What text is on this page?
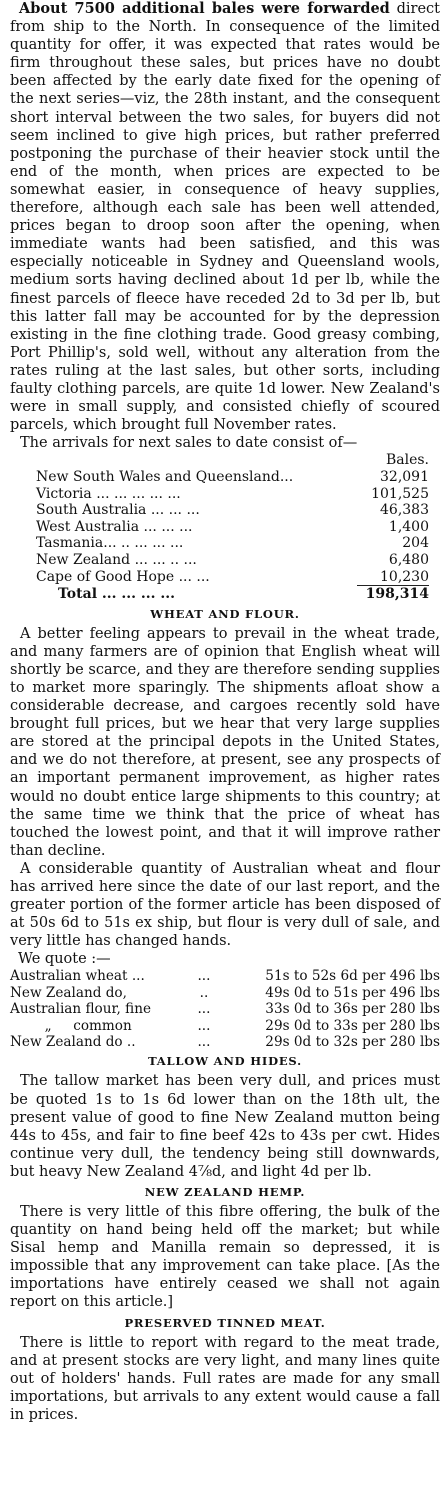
About 7500 additional bales were forwarded direct from ship to the North. In consequence of the limited quantity for offer, it was expected that rates would be firm throughout these sales, but prices have no doubt been affected by the early date fixed for the opening of the next series—viz, the 28th instant, and the consequent short interval between the two sales, for buyers did not seem inclined to give high prices, but rather preferred postponing the purchase of their heavier stock until the end of the month, when prices are expected to be somewhat easier, in consequence of heavy supplies, therefore, although each sale has been well attended, prices began to droop soon after the opening, when immediate wants had been satisfied, and this was especially noticeable in Sydney and Queensland wools, medium sorts having declined about 1d per lb, while the finest parcels of fleece have receded 2d to 3d per lb, but this latter fall may be accounted for by the depression existing in the fine clothing trade. Good greasy combing, Port Phillip's, sold well, without any alteration from the rates ruling at the last sales, but other sorts, including faulty clothing parcels, are quite 1d lower. New Zealand's were in small supply, and consisted chiefly of scoured parcels, which brought full November rates.

The arrivals for next sales to date consist of—

	Bales.
New South Wales and Queensland...	32,091
Victoria ... ... ... ... ...	101,525
South Australia ... ... ...	46,383
West Australia ... ... ...	1,400
Tasmania... .. ... ... ...	204
New Zealand ... ... .. ...	6,480
Cape of Good Hope ... ...	10,230
Total ... ... ... ...	198,314
WHEAT AND FLOUR.

A better feeling appears to prevail in the wheat trade, and many farmers are of opinion that English wheat will shortly be scarce, and they are therefore sending supplies to market more sparingly. The shipments afloat show a considerable decrease, and cargoes recently sold have brought full prices, but we hear that very large supplies are stored at the principal depots in the United States, and we do not therefore, at present, see any prospects of an important permanent improvement, as higher rates would no doubt entice large shipments to this country; at the same time we think that the price of wheat has touched the lowest point, and that it will improve rather than decline.

A considerable quantity of Australian wheat and flour has arrived here since the date of our last report, and the greater portion of the former article has been disposed of at 50s 6d to 51s ex ship, but flour is very dull of sale, and very little has changed hands.

We quote :—
Australian wheat ...	...	51s to 52s 6d per 496 lbs
New Zealand do,	..	49s 0d to 51s per 496 lbs
Australian flour, fine	...	33s 0d to 36s per 280 lbs
„     common	...	29s 0d to 33s per 280 lbs
New Zealand do ..	...	29s 0d to 32s per 280 lbs
TALLOW AND HIDES.

The tallow market has been very dull, and prices must be quoted 1s to 1s 6d lower than on the 18th ult, the present value of good to fine New Zealand mutton being 44s to 45s, and fair to fine beef 42s to 43s per cwt. Hides continue very dull, the tendency being still downwards, but heavy New Zealand 4⅞d, and light 4d per lb.

NEW ZEALAND HEMP.

There is very little of this fibre offering, the bulk of the quantity on hand being held off the market; but while Sisal hemp and Manilla remain so depressed, it is impossible that any improvement can take place. [As the importations have entirely ceased we shall not again report on this article.]

PRESERVED TINNED MEAT.

There is little to report with regard to the meat trade, and at present stocks are very light, and many lines quite out of holders' hands. Full rates are made for any small importations, but arrivals to any extent would cause a fall in prices.
